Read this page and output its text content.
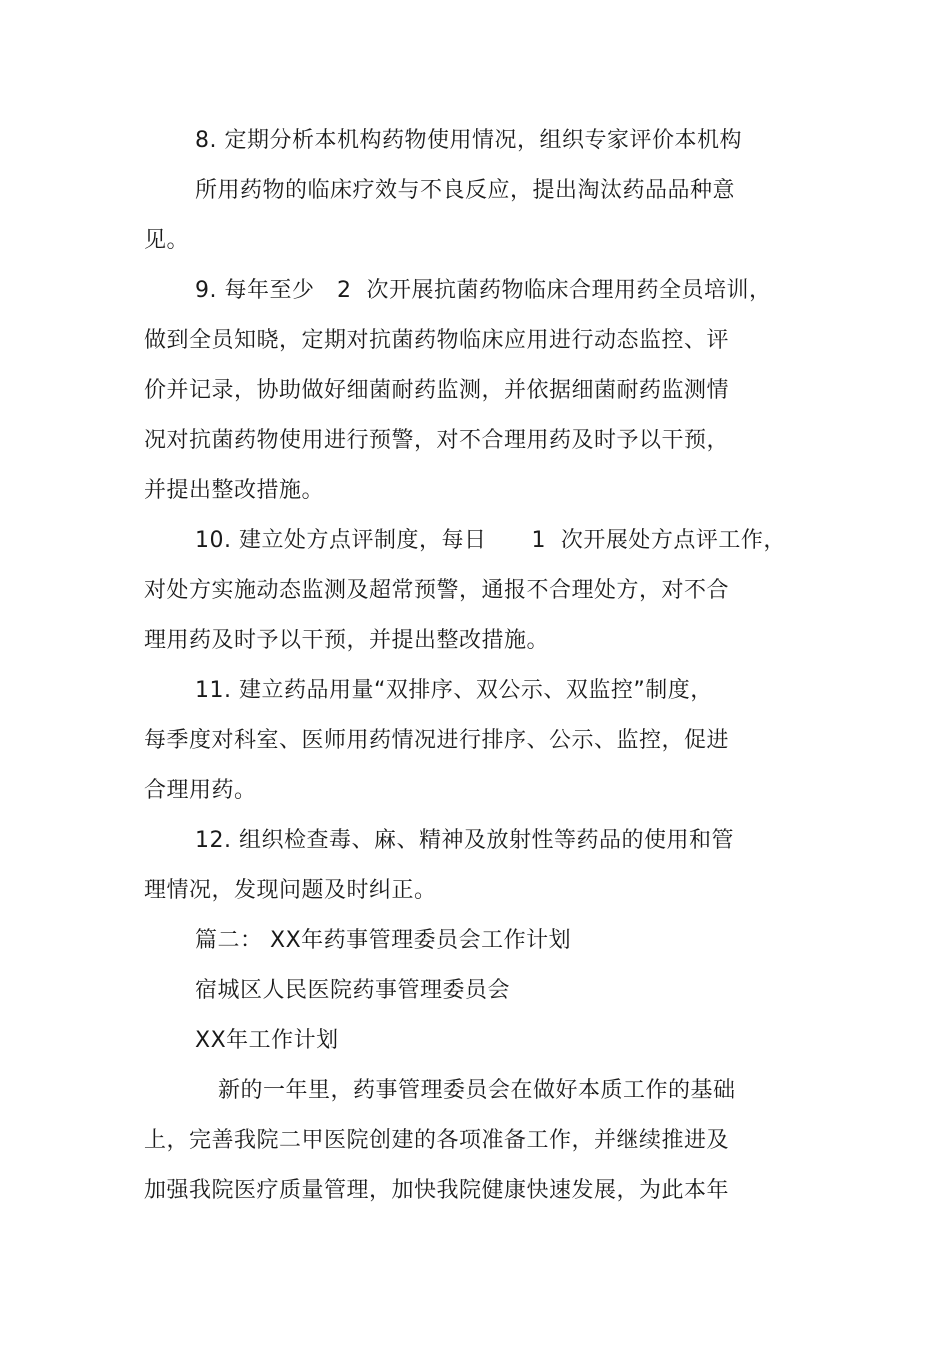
8. 定期分析本机构药物使用情况，组织专家评价本机构
所用药物的临床疗效与不良反应，提出淘汰药品品种意
见。
9. 每年至少   2  次开展抗菌药物临床合理用药全员培训，
做到全员知晓，定期对抗菌药物临床应用进行动态监控、评
价并记录，协助做好细菌耐药监测，并依据细菌耐药监测情
况对抗菌药物使用进行预警，对不合理用药及时予以干预，
并提出整改措施。
10. 建立处方点评制度，每日      1  次开展处方点评工作，
对处方实施动态监测及超常预警，通报不合理处方，对不合
理用药及时予以干预，并提出整改措施。
11. 建立药品用量“双排序、双公示、双监控”制度，
每季度对科室、医师用药情况进行排序、公示、监控，促进
合理用药。
12. 组织检查毒、麻、精神及放射性等药品的使用和管
理情况，发现问题及时纠正。
篇二： XX年药事管理委员会工作计划
宿城区人民医院药事管理委员会
XX年工作计划
新的一年里，药事管理委员会在做好本质工作的基础
上，完善我院二甲医院创建的各项准备工作，并继续推进及
加强我院医疗质量管理，加快我院健康快速发展，为此本年
